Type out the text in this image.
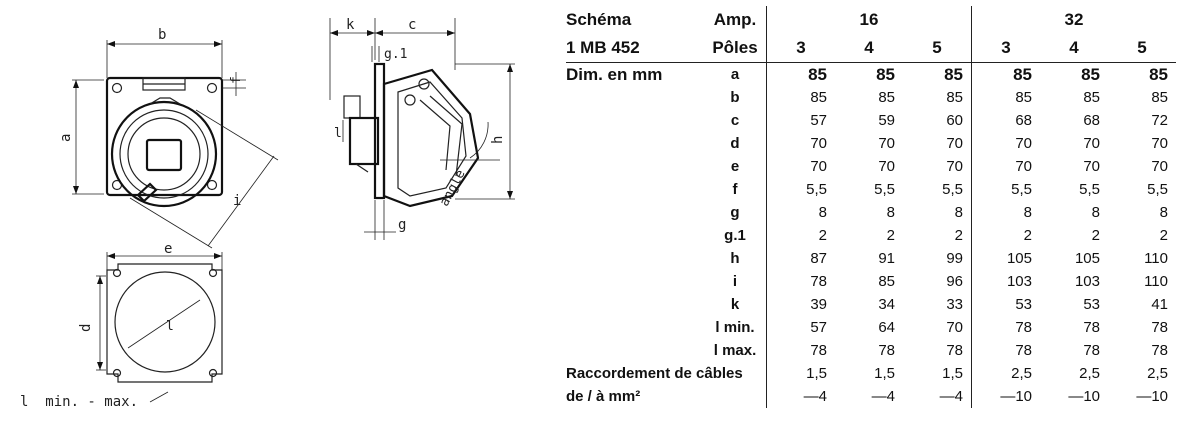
b
a
f
i
k	c
g.1
l	h
angle
g
e
d	l
l  min. - max.
Schéma	Amp.	16			32		
1 MB 452	Pôles	3	4	5	3	4	5
Dim. en mm	a	85	85	85	85	85	85
	b	85	85	85	85	85	85
	c	57	59	60	68	68	72
	d	70	70	70	70	70	70
	e	70	70	70	70	70	70
	f	5,5	5,5	5,5	5,5	5,5	5,5
	g	8	8	8	8	8	8
	g.1	2	2	2	2	2	2
	h	87	91	99	105	105	110
	i	78	85	96	103	103	110
	k	39	34	33	53	53	41
	l min.	57	64	70	78	78	78
	l max.	78	78	78	78	78	78
Raccordement de câbles		1,5	1,5	1,5	2,5	2,5	2,5
de / à mm²		—4	—4	—4	—10	—10	—10
